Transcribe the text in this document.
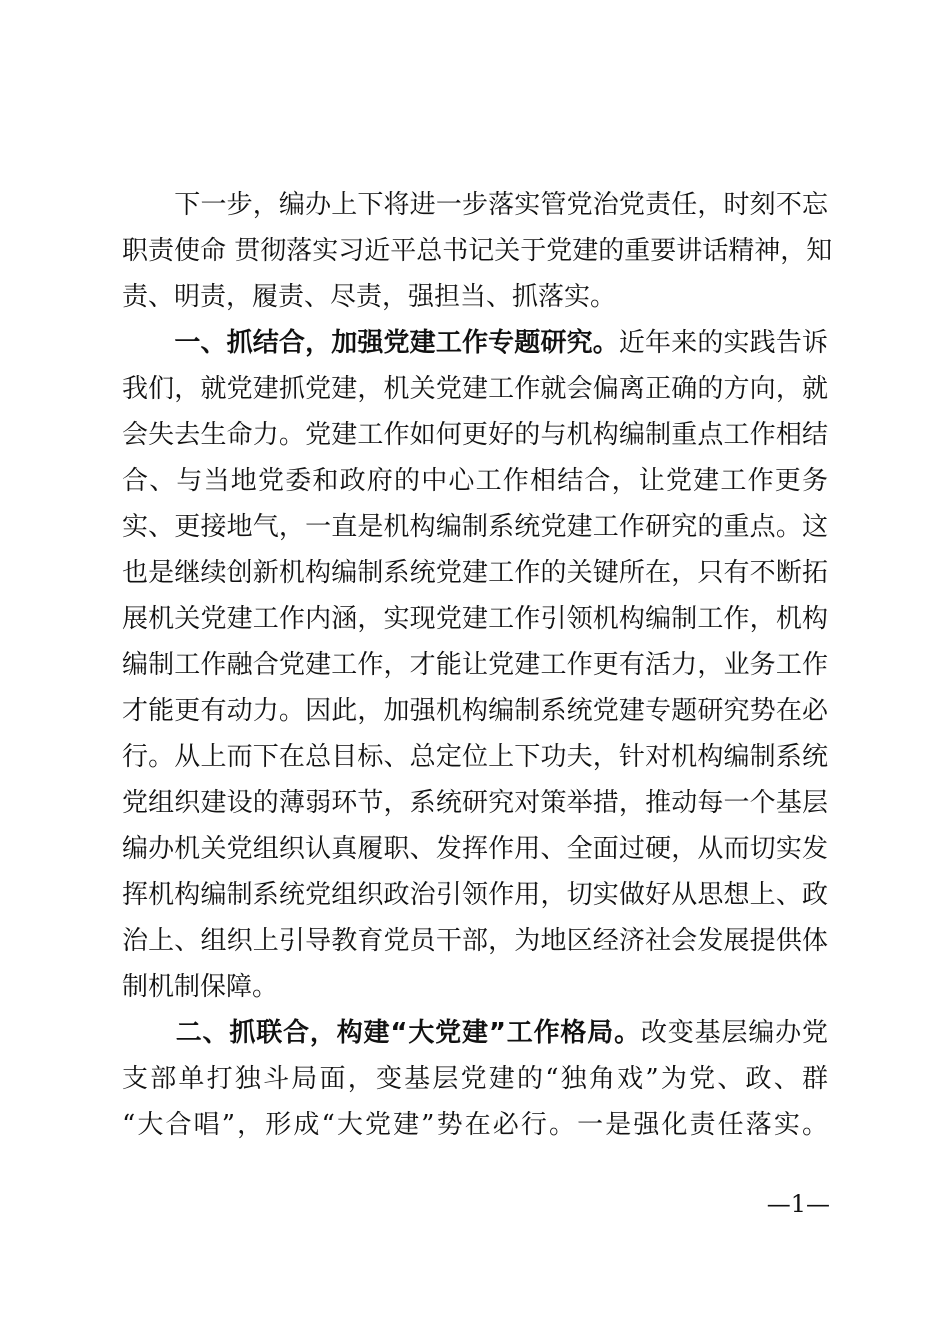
　　下一步，编办上下将进一步落实管党治党责任，时刻不忘
职责使命 贯彻落实习近平总书记关于党建的重要讲话精神，知
责、明责，履责、尽责，强担当、抓落实。
　　一、抓结合，加强党建工作专题研究。近年来的实践告诉
我们，就党建抓党建，机关党建工作就会偏离正确的方向，就
会失去生命力。党建工作如何更好的与机构编制重点工作相结
合、与当地党委和政府的中心工作相结合，让党建工作更务
实、更接地气，一直是机构编制系统党建工作研究的重点。这
也是继续创新机构编制系统党建工作的关键所在，只有不断拓
展机关党建工作内涵，实现党建工作引领机构编制工作，机构
编制工作融合党建工作，才能让党建工作更有活力，业务工作
才能更有动力。因此，加强机构编制系统党建专题研究势在必
行。从上而下在总目标、总定位上下功夫，针对机构编制系统
党组织建设的薄弱环节，系统研究对策举措，推动每一个基层
编办机关党组织认真履职、发挥作用、全面过硬，从而切实发
挥机构编制系统党组织政治引领作用，切实做好从思想上、政
治上、组织上引导教育党员干部，为地区经济社会发展提供体
制机制保障。
　　二、抓联合，构建“大党建”工作格局。改变基层编办党
支部单打独斗局面，变基层党建的“独角戏”为党、政、群
“大合唱”，形成“大党建”势在必行。一是强化责任落实。
—1—
